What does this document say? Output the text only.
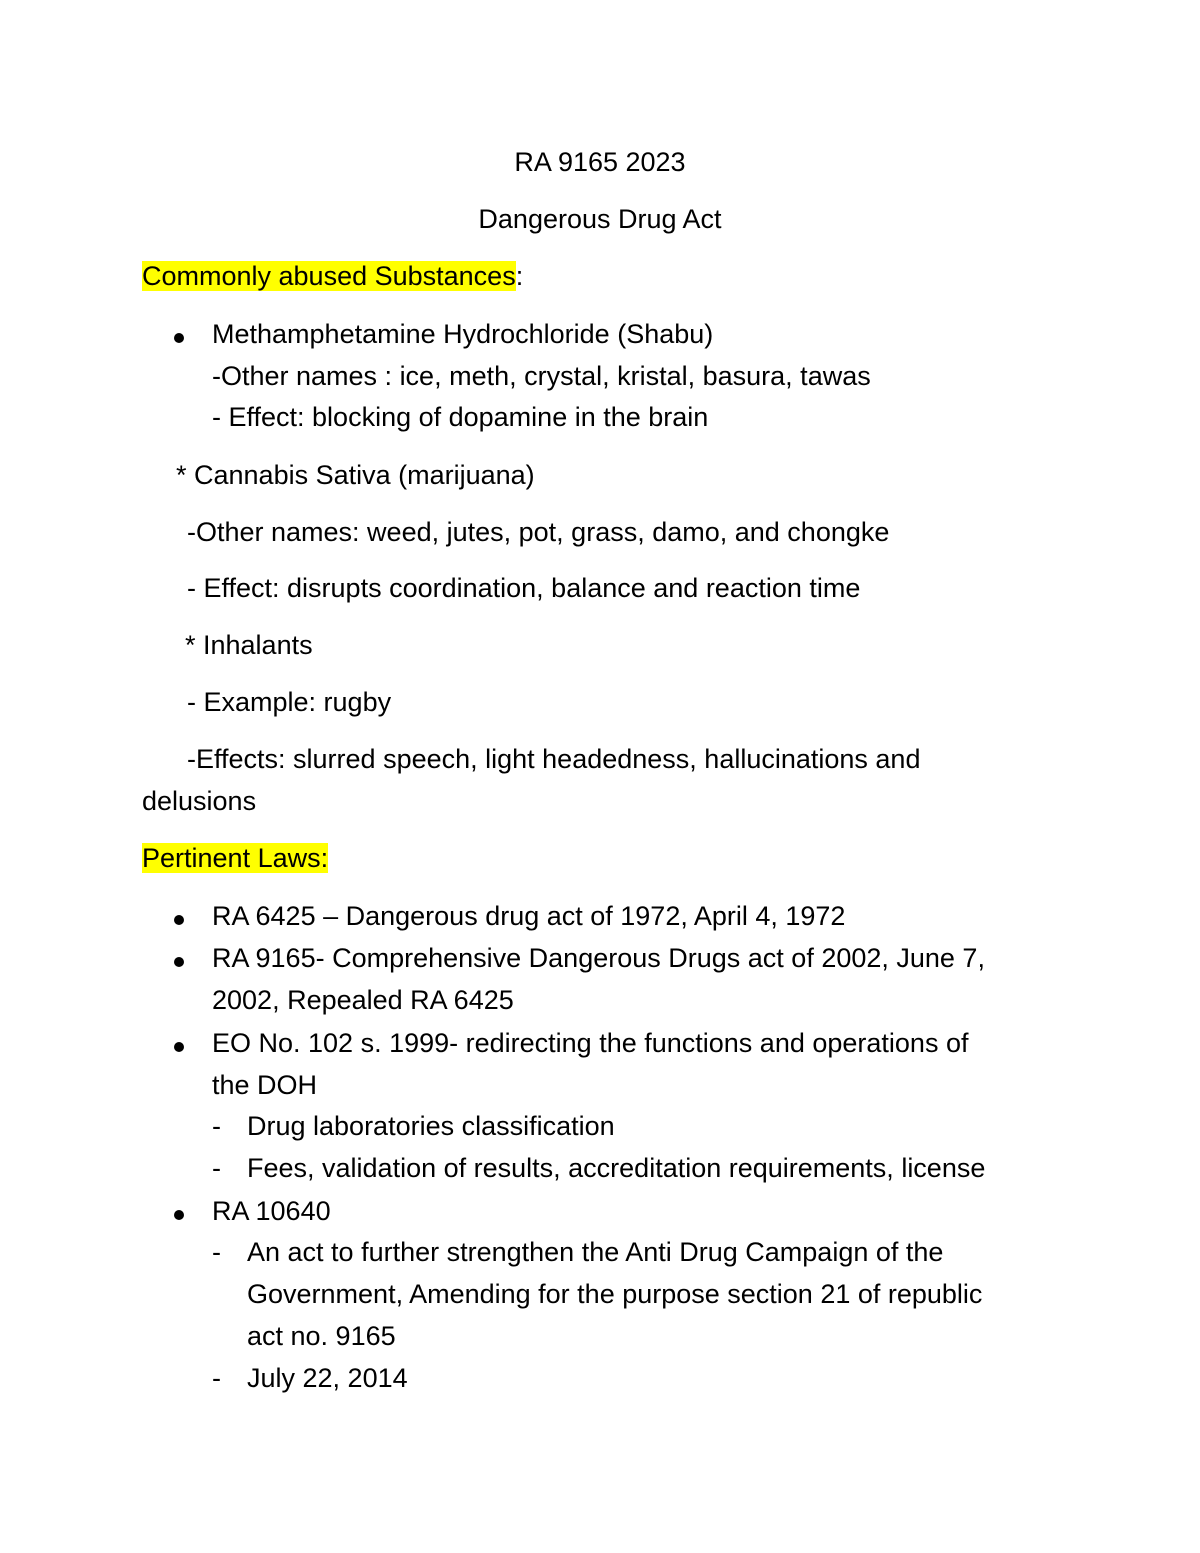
RA 9165 2023
Dangerous Drug Act
Commonly abused Substances:
Methamphetamine Hydrochloride (Shabu)
-Other names : ice, meth, crystal, kristal, basura, tawas
- Effect: blocking of dopamine in the brain
* Cannabis Sativa (marijuana)
-Other names: weed, jutes, pot, grass, damo, and chongke
- Effect: disrupts coordination, balance and reaction time
* Inhalants
- Example: rugby
-Effects: slurred speech, light headedness, hallucinations and
delusions
Pertinent Laws:
RA 6425 – Dangerous drug act of 1972, April 4, 1972
RA 9165- Comprehensive Dangerous Drugs act of 2002, June 7,
2002, Repealed RA 6425
EO No. 102 s. 1999- redirecting the functions and operations of
the DOH
- Drug laboratories classification
- Fees, validation of results, accreditation requirements, license
RA 10640
- An act to further strengthen the Anti Drug Campaign of the
Government, Amending for the purpose section 21 of republic
act no. 9165
- July 22, 2014
